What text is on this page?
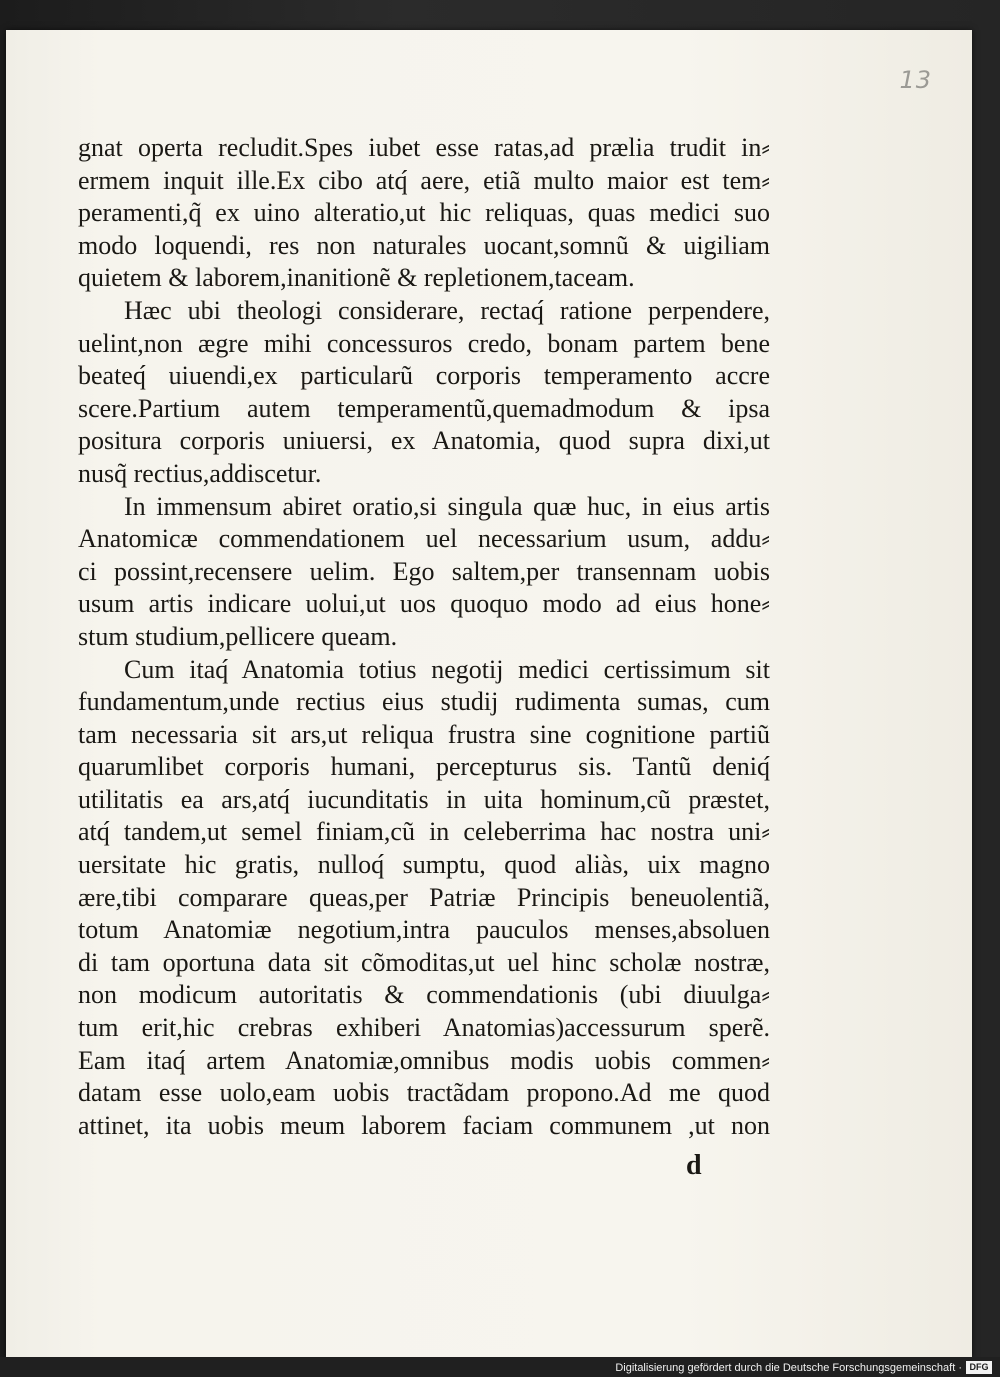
13
gnat operta recludit.Spes iubet esse ratas,ad prælia trudit in⸗
ermem inquit ille.Ex cibo atq́ aere, etiã multo maior est tem⸗
peramenti,q̃ ex uino alteratio,ut hic reliquas, quas medici suo
modo loquendi, res non naturales uocant,somnũ & uigiliam
quietem & laborem,inanitionẽ & repletionem,taceam.
Hæc ubi theologi considerare, rectaq́ ratione perpendere,
uelint,non ægre mihi concessuros credo, bonam partem bene
beateq́ uiuendi,ex particularũ corporis temperamento accre
scere.Partium autem temperamentũ,quemadmodum & ipsa
positura corporis uniuersi, ex Anatomia, quod supra dixi,ut
nusq̃ rectius,addiscetur.
In immensum abiret oratio,si singula quæ huc, in eius artis
Anatomicæ commendationem uel necessarium usum, addu⸗
ci possint,recensere uelim. Ego saltem,per transennam uobis
usum artis indicare uolui,ut uos quoquo modo ad eius hone⸗
stum studium,pellicere queam.
Cum itaq́ Anatomia totius negotij medici certissimum sit
fundamentum,unde rectius eius studij rudimenta sumas, cum
tam necessaria sit ars,ut reliqua frustra sine cognitione partiũ
quarumlibet corporis humani, percepturus sis. Tantũ deniq́
utilitatis ea ars,atq́ iucunditatis in uita hominum,cũ præstet,
atq́ tandem,ut semel finiam,cũ in celeberrima hac nostra uni⸗
uersitate hic gratis, nulloq́ sumptu, quod aliàs, uix magno
ære,tibi comparare queas,per Patriæ Principis beneuolentiã,
totum Anatomiæ negotium,intra pauculos menses,absoluen
di tam oportuna data sit cõmoditas,ut uel hinc scholæ nostræ,
non modicum autoritatis & commendationis (ubi diuulga⸗
tum erit,hic crebras exhiberi Anatomias)accessurum sperẽ.
Eam itaq́ artem Anatomiæ,omnibus modis uobis commen⸗
datam esse uolo,eam uobis tractãdam propono.Ad me quod
attinet, ita uobis meum laborem faciam communem ,ut non
d
Digitalisierung gefördert durch die Deutsche Forschungsgemeinschaft · DFG
